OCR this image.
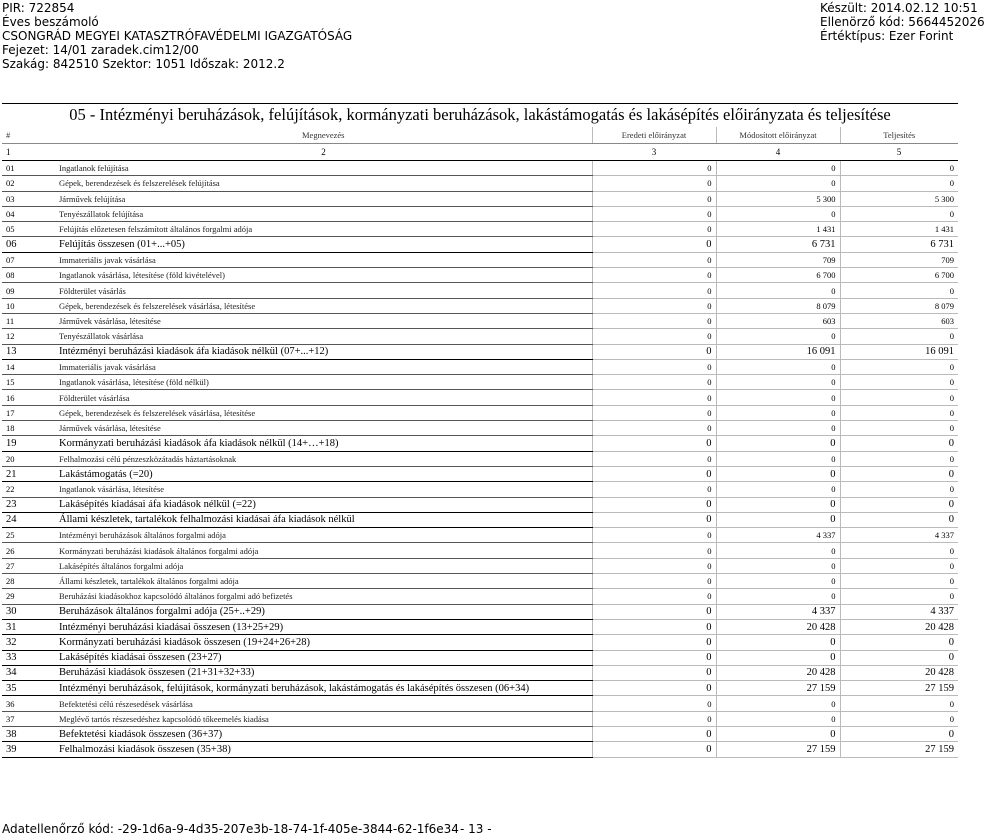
PIR: 722854
Éves beszámoló
CSONGRÁD MEGYEI KATASZTRÓFAVÉDELMI IGAZGATÓSÁG
Fejezet: 14/01 zaradek.cim12/00
Szakág: 842510 Szektor: 1051 Időszak: 2012.2
Készült: 2014.02.12 10:51
Ellenörző kód: 5664452026
Értéktípus: Ezer Forint
05 - Intézményi beruházások, felújítások, kormányzati beruházások, lakástámogatás és lakásépítés előirányzata és teljesítése
#	Megnevezés	Eredeti előirányzat	Módosított előirányzat	Teljesítés
1	2	3	4	5
01	Ingatlanok felújítása	0	0	0
02	Gépek, berendezések és felszerelések felújítása	0	0	0
03	Járművek felújítása	0	5 300	5 300
04	Tenyészállatok felújítása	0	0	0
05	Felújítás előzetesen felszámított általános forgalmi adója	0	1 431	1 431
06	Felújítás összesen (01+...+05)	0	6 731	6 731
07	Immateriális javak vásárlása	0	709	709
08	Ingatlanok vásárlása, létesítése (föld kivételével)	0	6 700	6 700
09	Földterület vásárlás	0	0	0
10	Gépek, berendezések és felszerelések vásárlása, létesítése	0	8 079	8 079
11	Járművek vásárlása, létesítése	0	603	603
12	Tenyészállatok vásárlása	0	0	0
13	Intézményi beruházási kiadások áfa kiadások nélkül (07+...+12)	0	16 091	16 091
14	Immateriális javak vásárlása	0	0	0
15	Ingatlanok vásárlása, létesítése (föld nélkül)	0	0	0
16	Földterület vásárlása	0	0	0
17	Gépek, berendezések és felszerelések vásárlása, létesítése	0	0	0
18	Járművek vásárlása, létesítése	0	0	0
19	Kormányzati beruházási kiadások áfa kiadások nélkül (14+…+18)	0	0	0
20	Felhalmozási célú pénzeszközátadás háztartásoknak	0	0	0
21	Lakástámogatás (=20)	0	0	0
22	Ingatlanok vásárlása, létesítése	0	0	0
23	Lakásépítés kiadásai áfa kiadások nélkül (=22)	0	0	0
24	Állami készletek, tartalékok felhalmozási kiadásai áfa kiadások nélkül	0	0	0
25	Intézményi beruházások általános forgalmi adója	0	4 337	4 337
26	Kormányzati beruházási kiadások általános forgalmi adója	0	0	0
27	Lakásépítés általános forgalmi adója	0	0	0
28	Állami készletek, tartalékok általános forgalmi adója	0	0	0
29	Beruházási kiadásokhoz kapcsolódó általános forgalmi adó befizetés	0	0	0
30	Beruházások általános forgalmi adója (25+..+29)	0	4 337	4 337
31	Intézményi beruházási kiadásai összesen (13+25+29)	0	20 428	20 428
32	Kormányzati beruházási kiadások összesen (19+24+26+28)	0	0	0
33	Lakásépítés kiadásai összesen (23+27)	0	0	0
34	Beruházási kiadások összesen (21+31+32+33)	0	20 428	20 428
35	Intézményi beruházások, felújítások, kormányzati beruházások, lakástámogatás és lakásépítés összesen (06+34)	0	27 159	27 159
36	Befektetési célú részesedések vásárlása	0	0	0
37	Meglévő tartós részesedéshez kapcsolódó tőkeemelés kiadása	0	0	0
38	Befektetési kiadások összesen (36+37)	0	0	0
39	Felhalmozási kiadások összesen (35+38)	0	27 159	27 159
Adatellenőrző kód: -29-1d6a-9-4d35-207e3b-18-74-1f-405e-3844-62-1f6e34 - 13 -
